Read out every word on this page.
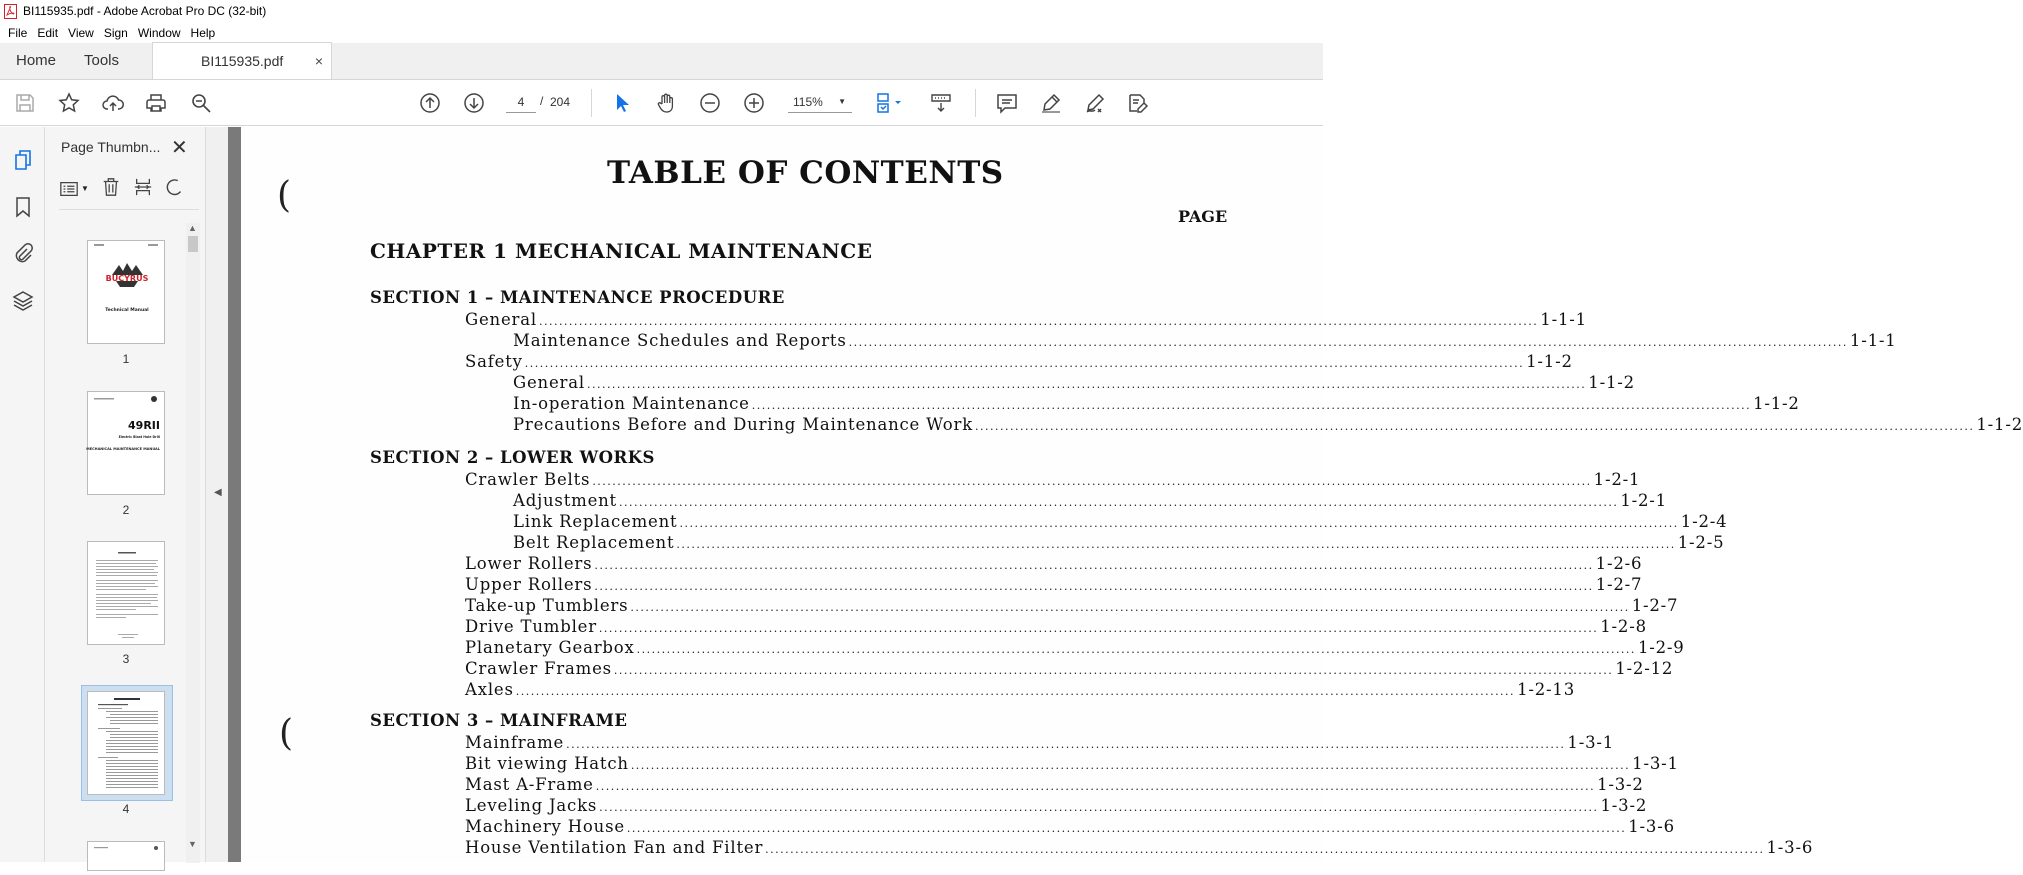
BI115935.pdf - Adobe Acrobat Pro DC (32-bit)
File Edit View Sign Window Help
Home	Tools	BI115935.pdf ×
4
/ 204	115% ▼
Page Thumbn... ✕
▼
BUCYRUS
Technical Manual
1
49RII
Electric Blast Hole Drill
MECHANICAL MAINTENANCE MANUAL
2
3
4
▲
▼
◀
(
(
TABLE OF CONTENTS
PAGE
CHAPTER 1 MECHANICAL MAINTENANCE
SECTION 1 – MAINTENANCE PROCEDURE
SECTION 2 – LOWER WORKS
SECTION 3 – MAINFRAME
General ........................................................................................................................................................................................................ 1-1-1
Maintenance Schedules and Reports ........................................................................................................................................................................................................ 1-1-1
Safety ........................................................................................................................................................................................................ 1-1-2
General ........................................................................................................................................................................................................ 1-1-2
In-operation Maintenance ........................................................................................................................................................................................................ 1-1-2
Precautions Before and During Maintenance Work ........................................................................................................................................................................................................ 1-1-2
Crawler Belts ........................................................................................................................................................................................................ 1-2-1
Adjustment ........................................................................................................................................................................................................ 1-2-1
Link Replacement ........................................................................................................................................................................................................ 1-2-4
Belt Replacement ........................................................................................................................................................................................................ 1-2-5
Lower Rollers ........................................................................................................................................................................................................ 1-2-6
Upper Rollers ........................................................................................................................................................................................................ 1-2-7
Take-up Tumblers ........................................................................................................................................................................................................ 1-2-7
Drive Tumbler ........................................................................................................................................................................................................ 1-2-8
Planetary Gearbox ........................................................................................................................................................................................................ 1-2-9
Crawler Frames ........................................................................................................................................................................................................ 1-2-12
Axles ........................................................................................................................................................................................................ 1-2-13
Mainframe ........................................................................................................................................................................................................ 1-3-1
Bit viewing Hatch ........................................................................................................................................................................................................ 1-3-1
Mast A-Frame ........................................................................................................................................................................................................ 1-3-2
Leveling Jacks ........................................................................................................................................................................................................ 1-3-2
Machinery House ........................................................................................................................................................................................................ 1-3-6
House Ventilation Fan and Filter ........................................................................................................................................................................................................ 1-3-6
